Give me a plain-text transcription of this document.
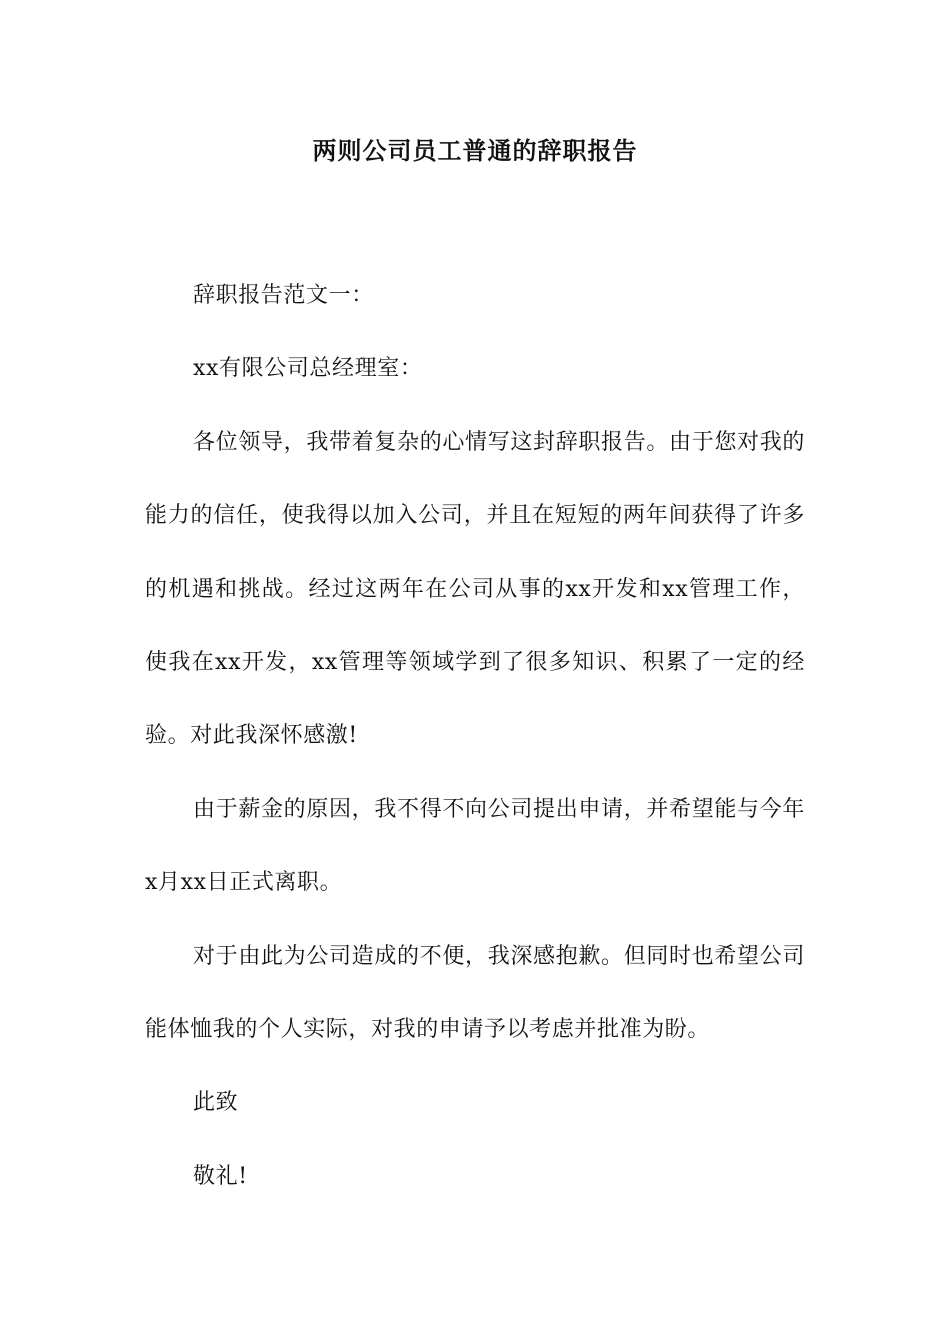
两则公司员工普通的辞职报告

辞职报告范文一：

xx有限公司总经理室：

各位领导，我带着复杂的心情写这封辞职报告。由于您对我的能力的信任，使我得以加入公司，并且在短短的两年间获得了许多的机遇和挑战。经过这两年在公司从事的xx开发和xx管理工作，使我在xx开发，xx管理等领域学到了很多知识、积累了一定的经验。对此我深怀感激!

由于薪金的原因，我不得不向公司提出申请，并希望能与今年x月xx日正式离职。

对于由此为公司造成的不便，我深感抱歉。但同时也希望公司能体恤我的个人实际，对我的申请予以考虑并批准为盼。

此致

敬礼!
